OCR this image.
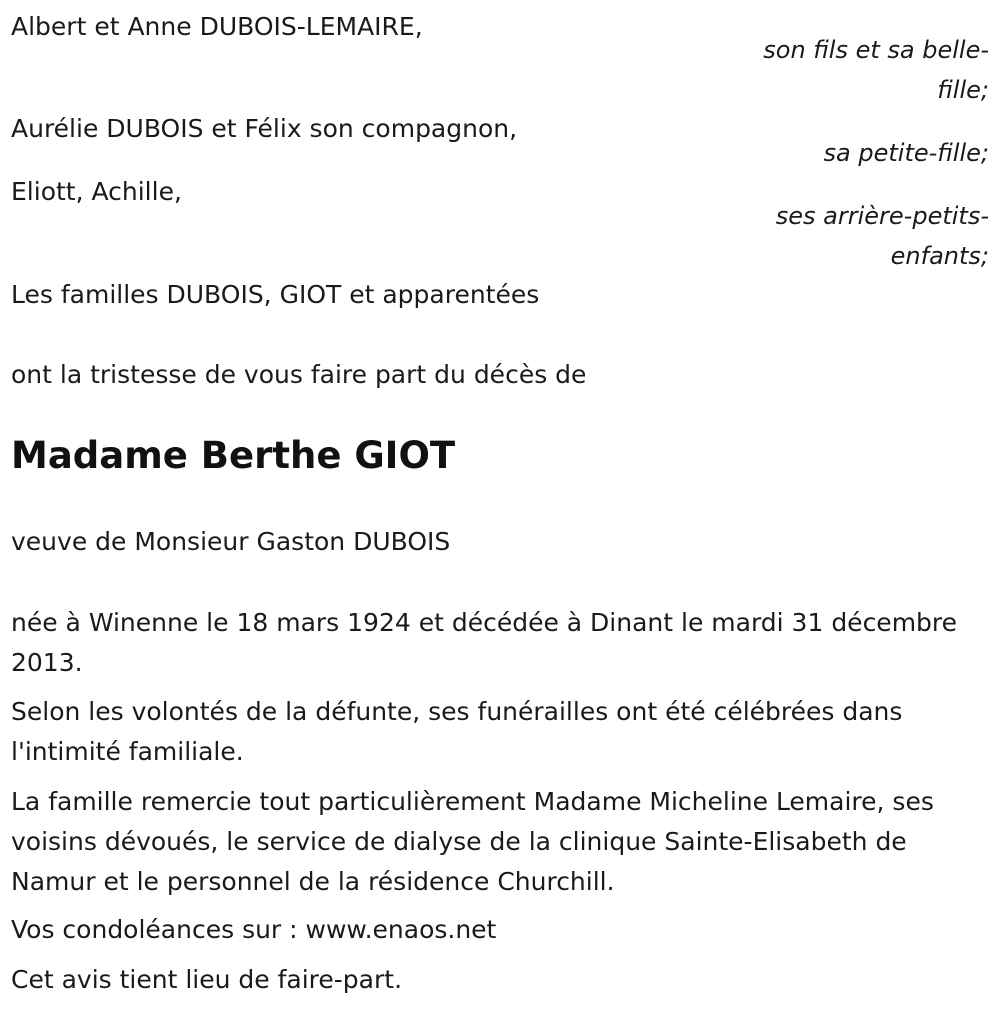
Albert et Anne DUBOIS-LEMAIRE,

son fils et sa belle-fille;

Aurélie DUBOIS et Félix son compagnon,

sa petite-fille;

Eliott, Achille,

ses arrière-petits-enfants;

Les familles DUBOIS, GIOT et apparentées

ont la tristesse de vous faire part du décès de

Madame Berthe GIOT

veuve de Monsieur Gaston DUBOIS

née à Winenne le 18 mars 1924 et décédée à Dinant le mardi 31 décembre 2013.

Selon les volontés de la défunte, ses funérailles ont été célébrées dans l'intimité familiale.

La famille remercie tout particulièrement Madame Micheline Lemaire, ses voisins dévoués, le service de dialyse de la clinique Sainte-Elisabeth de Namur et le personnel de la résidence Churchill.

Vos condoléances sur : www.enaos.net

Cet avis tient lieu de faire-part.
